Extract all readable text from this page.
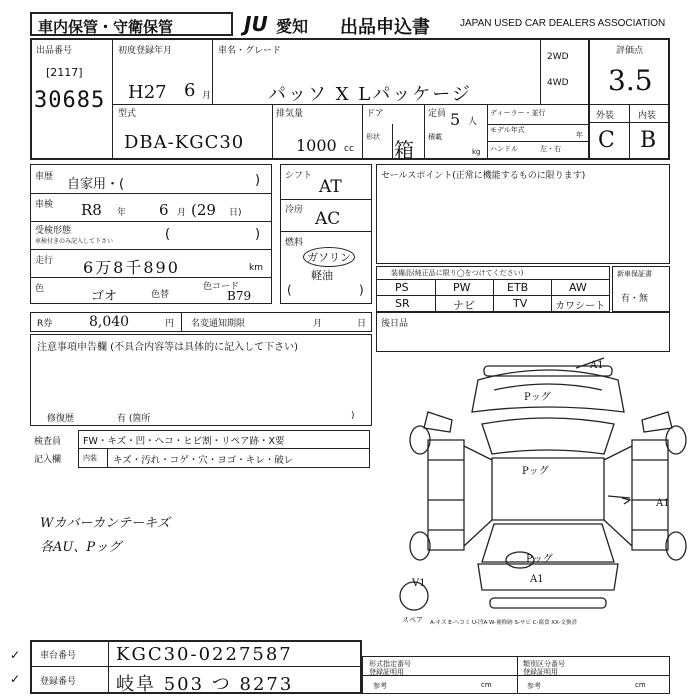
車内保管・守衛保管	JU 愛知 出品申込書	JAPAN USED CAR DEALERS ASSOCIATION
出品番号
[2117]
30685
初度登録年月
H27 6 月
車名・グレード
パッソ X Lパッケージ
2WD
4WD
評価点
3.5
型式
DBA-KGC30
排気量
1000 cc
ドア
形状
箱
定員 5 人
積載
kg
ディーラー・並行
モデル年式
年
ハンドル	左・右
外装	内装
C B
車歴 自家用・(	)
車検 R8 年 6 月 (29 日)
受検形態
車検付きのみ記入して下さい	(	)
走行 6万8千890	km
色	ゴオ	色替
色コード
B79
シフト
AT
冷房 AC
燃料
ガソリン
軽油
(	)
セールスポイント(正常に機能するものに限ります)
装備品(純正品に限り◯をつけてください)
PS	PW	ETB	AW
SR	ナビ	TV	カワシート
新車保証書
有・無
R券	8,040	円 名変通知期限	月	日 後日品
注意事項申告欄 (不具合内容等は具体的に記入して下さい)
修復歴	有 (箇所	)
検査員
記入欄
FW・キズ・凹・ヘコ・ヒビ割・リペア跡・X要
内装 キズ・汚れ・コゲ・穴・ヨゴ・キレ・破レ
Wカバーカンテーキズ
各AU、Pッグ
A1
Pッグ
Pッグ
A1
Pッグ
A1
V1
スペア A-キズ E-ヘコミ U-凹A W-補修跡 S-サビ C-腐食 XX-交換済
✓
✓
車台番号 KGC30-0227587
登録番号 岐阜 503 つ 8273
形式指定番号
登録証明用
類別区分番号
登録証明用
参考	cm	参考	cm
